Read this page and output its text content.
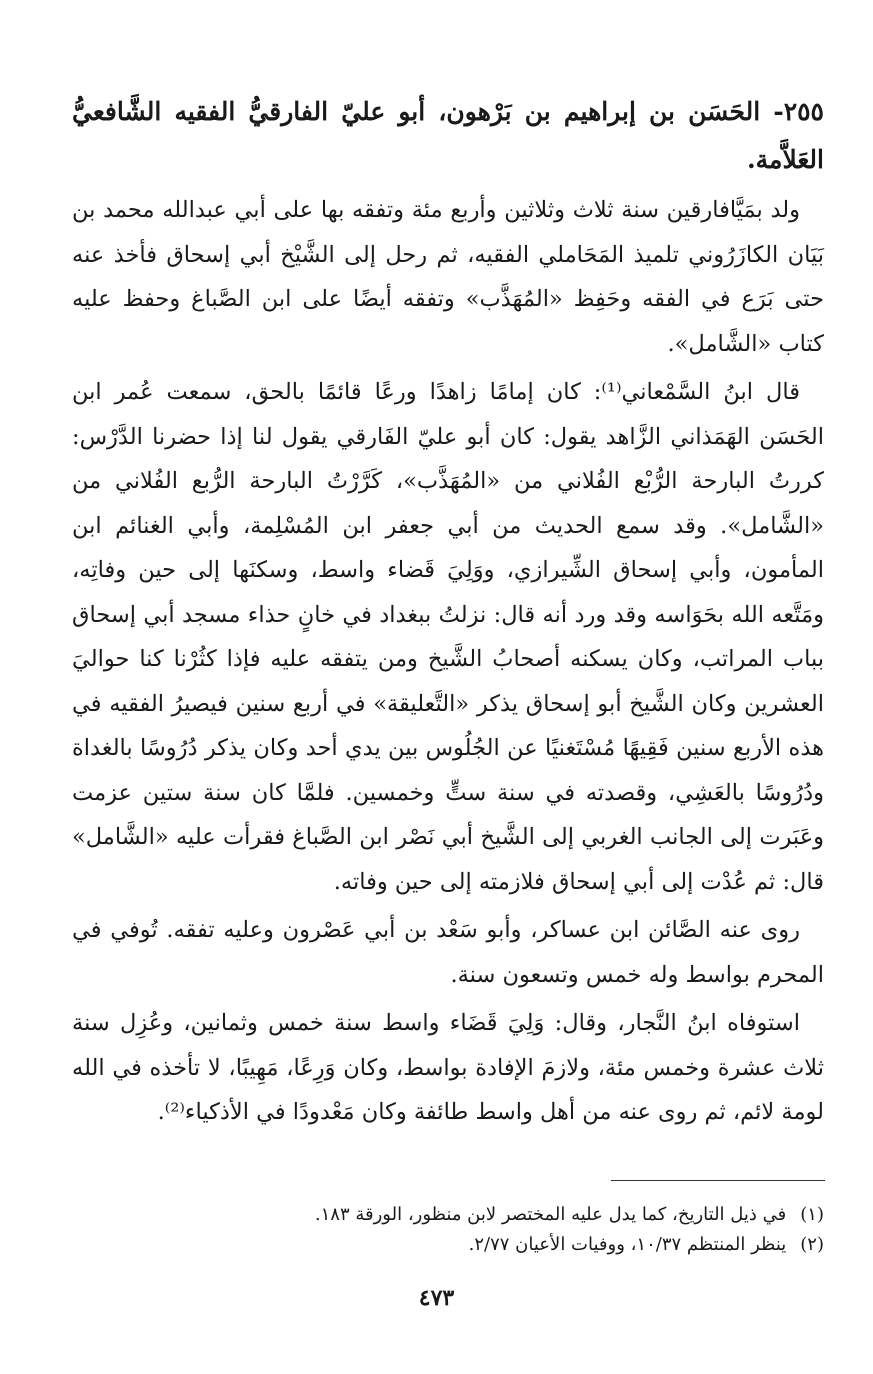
٢٥٥- الحَسَن بن إبراهيم بن بَرْهون، أبو عليّ الفارقيُّ الفقيه الشَّافعيُّ العَلاَّمة.

ولد بمَيَّافارقين سنة ثلاث وثلاثين وأربع مئة وتفقه بها على أبي عبدالله محمد بن بَيَان الكازَرُوني تلميذ المَحَاملي الفقيه، ثم رحل إلى الشَّيْخ أبي إسحاق فأخذ عنه حتى بَرَع في الفقه وحَفِظ «المُهَذَّب» وتفقه أيضًا على ابن الصَّباغ وحفظ عليه كتاب «الشَّامل».

قال ابنُ السَّمْعاني⁽¹⁾: كان إمامًا زاهدًا ورعًا قائمًا بالحق، سمعت عُمر ابن الحَسَن الهَمَذاني الزَّاهد يقول: كان أبو عليّ الفَارقي يقول لنا إذا حضرنا الدَّرْس: كررتُ البارحة الرُّبْع الفُلاني من «المُهَذَّب»، كَرَّرْتُ البارحة الرُّبع الفُلاني من «الشَّامل». وقد سمع الحديث من أبي جعفر ابن المُسْلِمة، وأبي الغنائم ابن المأمون، وأبي إسحاق الشِّيرازي، ووَلِيَ قَضاء واسط، وسكنَها إلى حين وفاتِه، ومَتَّعه الله بحَوَاسه وقد ورد أنه قال: نزلتُ ببغداد في خانٍ حذاء مسجد أبي إسحاق بباب المراتب، وكان يسكنه أصحابُ الشَّيخ ومن يتفقه عليه فإذا كثُرْنا كنا حواليَ العشرين وكان الشَّيخ أبو إسحاق يذكر «التَّعليقة» في أربع سنين فيصيرُ الفقيه في هذه الأربع سنين فَقِيهًا مُسْتَغنيًا عن الجُلُوس بين يدي أحد وكان يذكر دُرُوسًا بالغداة ودُرُوسًا بالعَشِي، وقصدته في سنة ستٍّ وخمسين. فلمَّا كان سنة ستين عزمت وعَبَرت إلى الجانب الغربي إلى الشَّيخ أبي نَصْر ابن الصَّباغ فقرأت عليه «الشَّامل» قال: ثم عُدْت إلى أبي إسحاق فلازمته إلى حين وفاته.

روى عنه الصَّائن ابن عساكر، وأبو سَعْد بن أبي عَصْرون وعليه تفقه. تُوفي في المحرم بواسط وله خمس وتسعون سنة.

استوفاه ابنُ النَّجار، وقال: وَلِيَ قَضَاء واسط سنة خمس وثمانين، وعُزِل سنة ثلاث عشرة وخمس مئة، ولازمَ الإفادة بواسط، وكان وَرِعًا، مَهِيبًا، لا تأخذه في الله لومة لائم، ثم روى عنه من أهل واسط طائفة وكان مَعْدودًا في الأذكياء⁽²⁾.

(١)في ذيل التاريخ، كما يدل عليه المختصر لابن منظور، الورقة ١٨٣.
(٢)ينظر المنتظم ١٠/٣٧، ووفيات الأعيان ٢/٧٧.
٤٧٣
